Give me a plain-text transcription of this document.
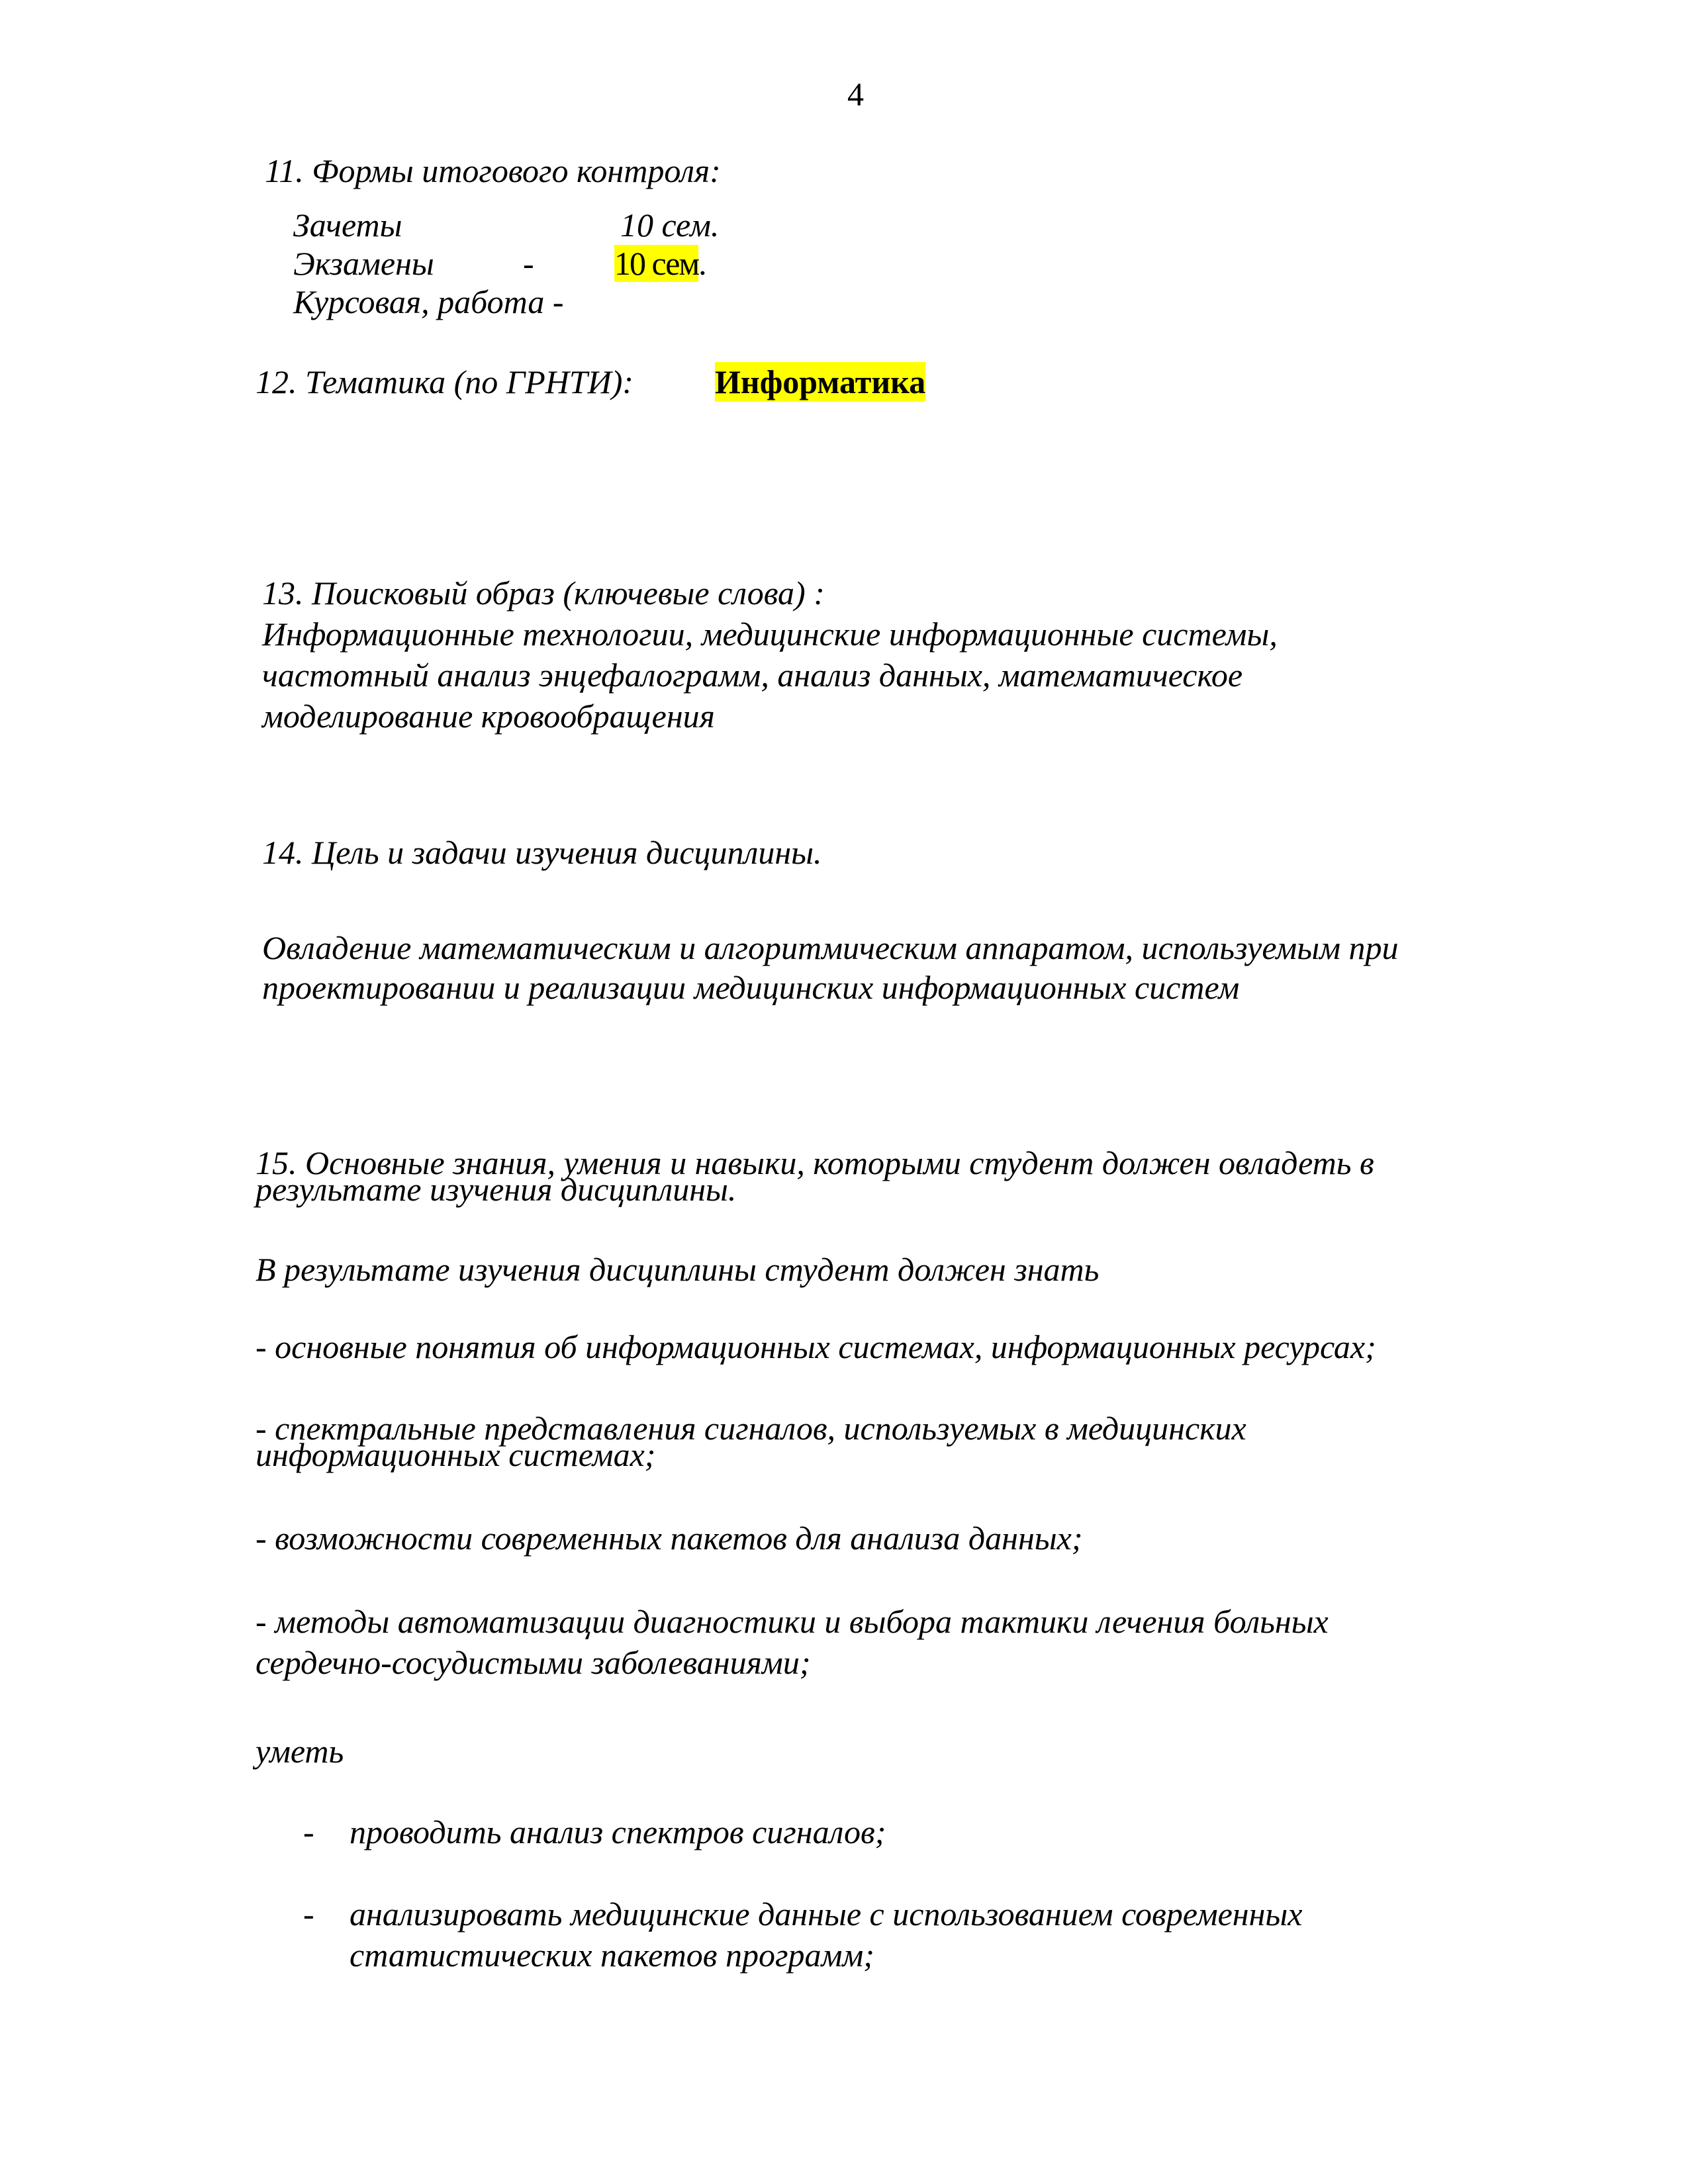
4
11. Формы итогового контроля:
Зачеты	10 сем.
Экзамены	- 10 сем.
Курсовая, работа -
12. Тематика (по ГРНТИ): Информатика
13. Поисковый образ (ключевые слова) :
Информационные технологии, медицинские информационные системы,
частотный анализ энцефалограмм, анализ данных, математическое
моделирование кровообращения
14. Цель и задачи изучения дисциплины.
Овладение математическим и алгоритмическим аппаратом, используемым при
проектировании и реализации медицинских информационных систем
15. Основные знания, умения и навыки, которыми студент должен овладеть в
результате изучения дисциплины.
В результате изучения дисциплины студент должен знать
- основные понятия об информационных системах, информационных ресурсах;
- спектральные представления сигналов, используемых в медицинских
информационных системах;
- возможности современных пакетов для анализа данных;
- методы автоматизации диагностики и выбора тактики лечения больных
сердечно-сосудистыми заболеваниями;
уметь
- проводить анализ спектров сигналов;
- анализировать медицинские данные с использованием современных
статистических пакетов программ;
